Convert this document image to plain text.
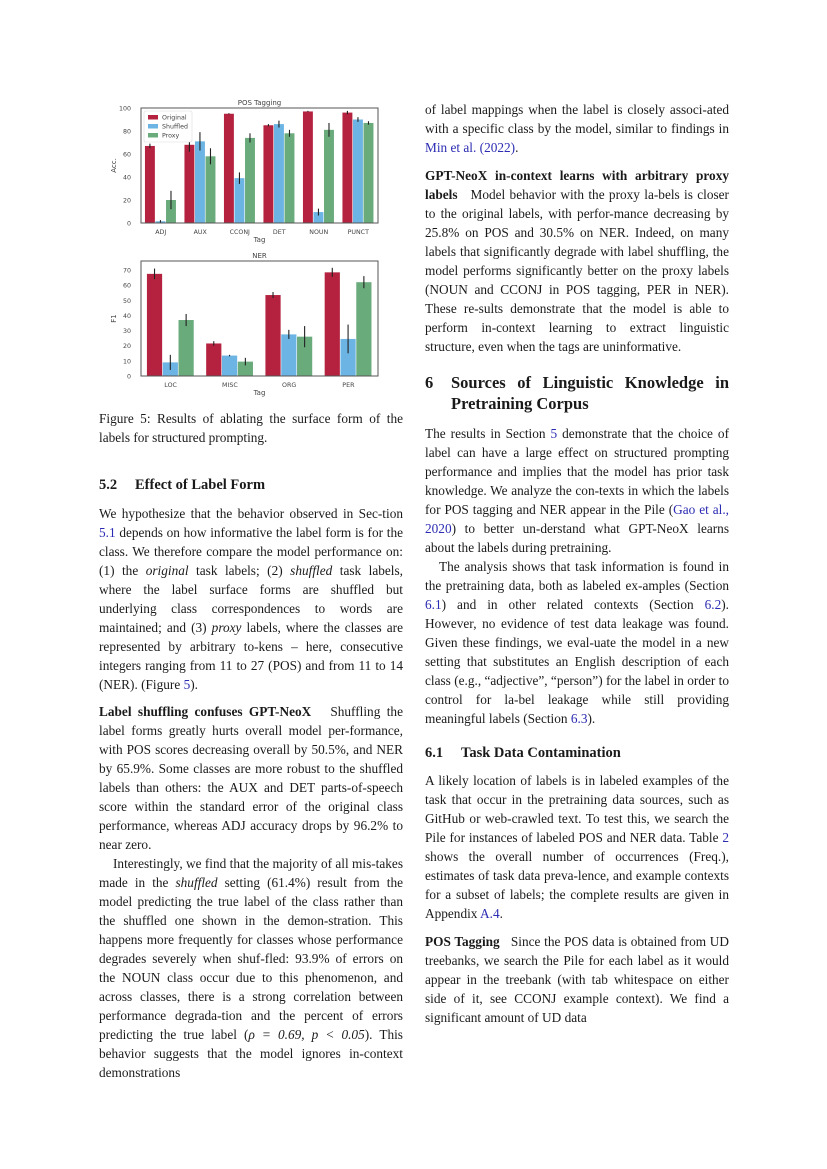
POS Tagging
0
20
40
60
80
100
Acc.
ADJ	AUX	CCONJ	DET	NOUN	PUNCT
Tag
Original
Shuffled
Proxy
NER
0
10
20
30
40
50
60
70
F1
LOC	MISC	ORG	PER
Tag
Figure 5: Results of ablating the surface form of the labels for structured prompting.
5.2 Effect of Label Form

We hypothesize that the behavior observed in Sec-tion 5.1 depends on how informative the label form is for the class. We therefore compare the model performance on: (1) the original task labels; (2) shuffled task labels, where the label surface forms are shuffled but underlying class correspondences to words are maintained; and (3) proxy labels, where the classes are represented by arbitrary to-kens – here, consecutive integers ranging from 11 to 27 (POS) and from 11 to 14 (NER). (Figure 5).

Label shuffling confuses GPT-NeoX Shuffling the label forms greatly hurts overall model per-formance, with POS scores decreasing overall by 50.5%, and NER by 65.9%. Some classes are more robust to the shuffled labels than others: the AUX and DET parts-of-speech score within the standard error of the original class performance, whereas ADJ accuracy drops by 96.2% to near zero.

Interestingly, we find that the majority of all mis-takes made in the shuffled setting (61.4%) result from the model predicting the true label of the class rather than the shuffled one shown in the demon-stration. This happens more frequently for classes whose performance degrades severely when shuf-fled: 93.9% of errors on the NOUN class occur due to this phenomenon, and across classes, there is a strong correlation between performance degrada-tion and the percent of errors predicting the true label (ρ = 0.69, p < 0.05). This behavior suggests that the model ignores in-context demonstrations

of label mappings when the label is closely associ-ated with a specific class by the model, similar to findings in Min et al. (2022).

GPT-NeoX in-context learns with arbitrary proxy labels Model behavior with the proxy la-bels is closer to the original labels, with perfor-mance decreasing by 25.8% on POS and 30.5% on NER. Indeed, on many labels that significantly degrade with label shuffling, the model performs significantly better on the proxy labels (NOUN and CCONJ in POS tagging, PER in NER). These re-sults demonstrate that the model is able to perform in-context learning to extract linguistic structure, even when the tags are uninformative.

6	Sources of Linguistic Knowledge in Pretraining Corpus

The results in Section 5 demonstrate that the choice of label can have a large effect on structured prompting performance and implies that the model has prior task knowledge. We analyze the con-texts in which the labels for POS tagging and NER appear in the Pile (Gao et al., 2020) to better un-derstand what GPT-NeoX learns about the labels during pretraining.

The analysis shows that task information is found in the pretraining data, both as labeled ex-amples (Section 6.1) and in other related contexts (Section 6.2). However, no evidence of test data leakage was found. Given these findings, we eval-uate the model in a new setting that substitutes an English description of each class (e.g., “adjective”, “person”) for the label in order to control for la-bel leakage while still providing meaningful labels (Section 6.3).

6.1 Task Data Contamination

A likely location of labels is in labeled examples of the task that occur in the pretraining data sources, such as GitHub or web-crawled text. To test this, we search the Pile for instances of labeled POS and NER data. Table 2 shows the overall number of occurrences (Freq.), estimates of task data preva-lence, and example contexts for a subset of labels; the complete results are given in Appendix A.4.

POS Tagging Since the POS data is obtained from UD treebanks, we search the Pile for each label as it would appear in the treebank (with tab whitespace on either side of it, see CCONJ example context). We find a significant amount of UD data
